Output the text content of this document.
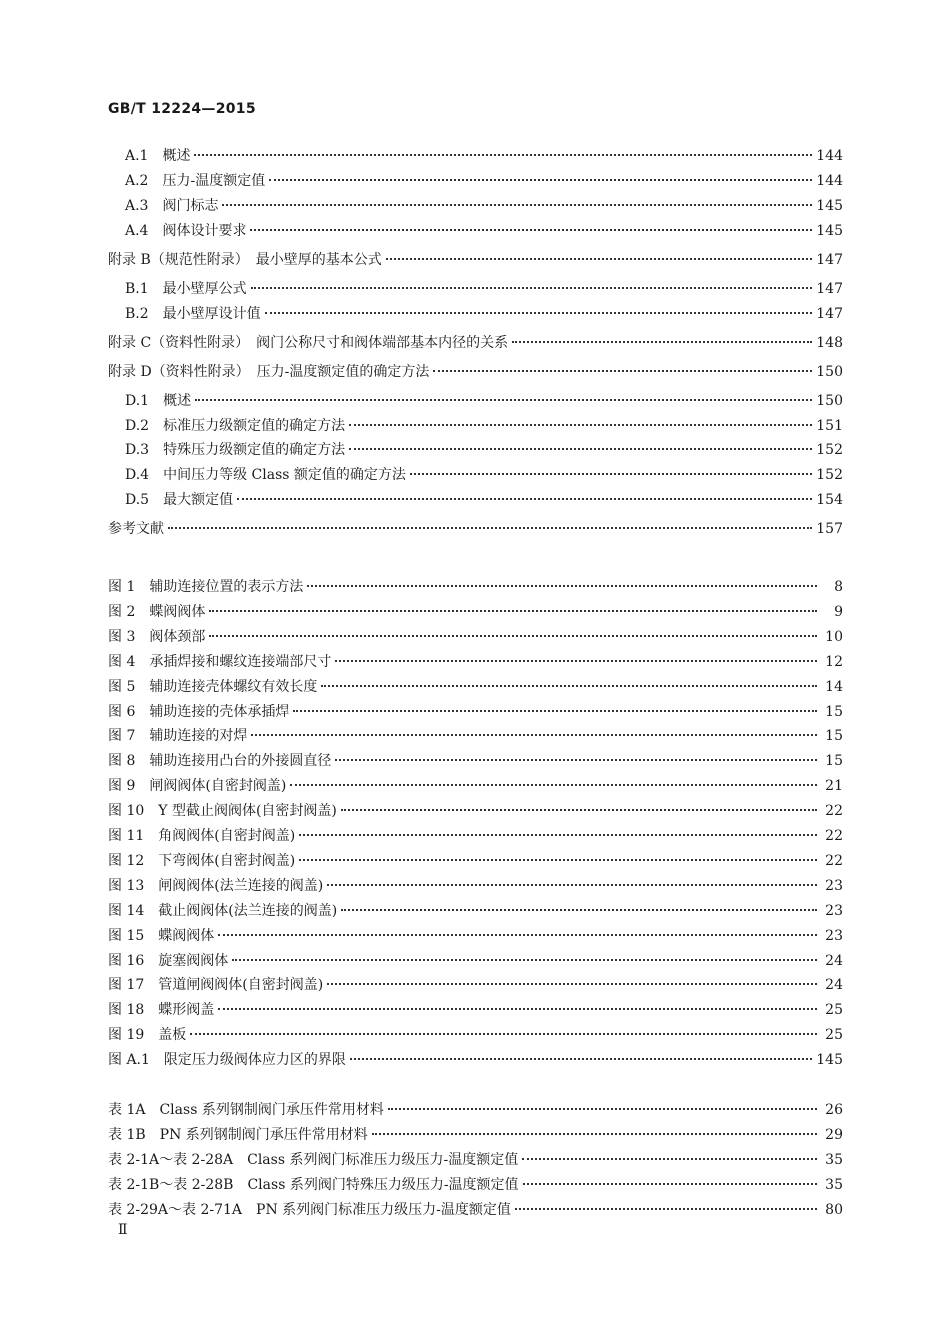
GB/T 12224—2015
A.1　概述	144
A.2　压力-温度额定值	144
A.3　阀门标志	145
A.4　阀体设计要求	145
附录 B（规范性附录）　最小壁厚的基本公式	147
B.1　最小壁厚公式	147
B.2　最小壁厚设计值	147
附录 C（资料性附录）　阀门公称尺寸和阀体端部基本内径的关系	148
附录 D（资料性附录）　压力-温度额定值的确定方法	150
D.1　概述	150
D.2　标准压力级额定值的确定方法	151
D.3　特殊压力级额定值的确定方法	152
D.4　中间压力等级 Class 额定值的确定方法	152
D.5　最大额定值	154
参考文献	157
图 1　辅助连接位置的表示方法	8
图 2　蝶阀阀体	9
图 3　阀体颈部	10
图 4　承插焊接和螺纹连接端部尺寸	12
图 5　辅助连接壳体螺纹有效长度	14
图 6　辅助连接的壳体承插焊	15
图 7　辅助连接的对焊	15
图 8　辅助连接用凸台的外接圆直径	15
图 9　闸阀阀体(自密封阀盖)	21
图 10　Y 型截止阀阀体(自密封阀盖)	22
图 11　角阀阀体(自密封阀盖)	22
图 12　下弯阀体(自密封阀盖)	22
图 13　闸阀阀体(法兰连接的阀盖)	23
图 14　截止阀阀体(法兰连接的阀盖)	23
图 15　蝶阀阀体	23
图 16　旋塞阀阀体	24
图 17　管道闸阀阀体(自密封阀盖)	24
图 18　蝶形阀盖	25
图 19　盖板	25
图 A.1　限定压力级阀体应力区的界限	145
表 1A　Class 系列钢制阀门承压件常用材料	26
表 1B　PN 系列钢制阀门承压件常用材料	29
表 2-1A～表 2-28A　Class 系列阀门标准压力级压力-温度额定值	35
表 2-1B～表 2-28B　Class 系列阀门特殊压力级压力-温度额定值	35
表 2-29A～表 2-71A　PN 系列阀门标准压力级压力-温度额定值	80
Ⅱ
